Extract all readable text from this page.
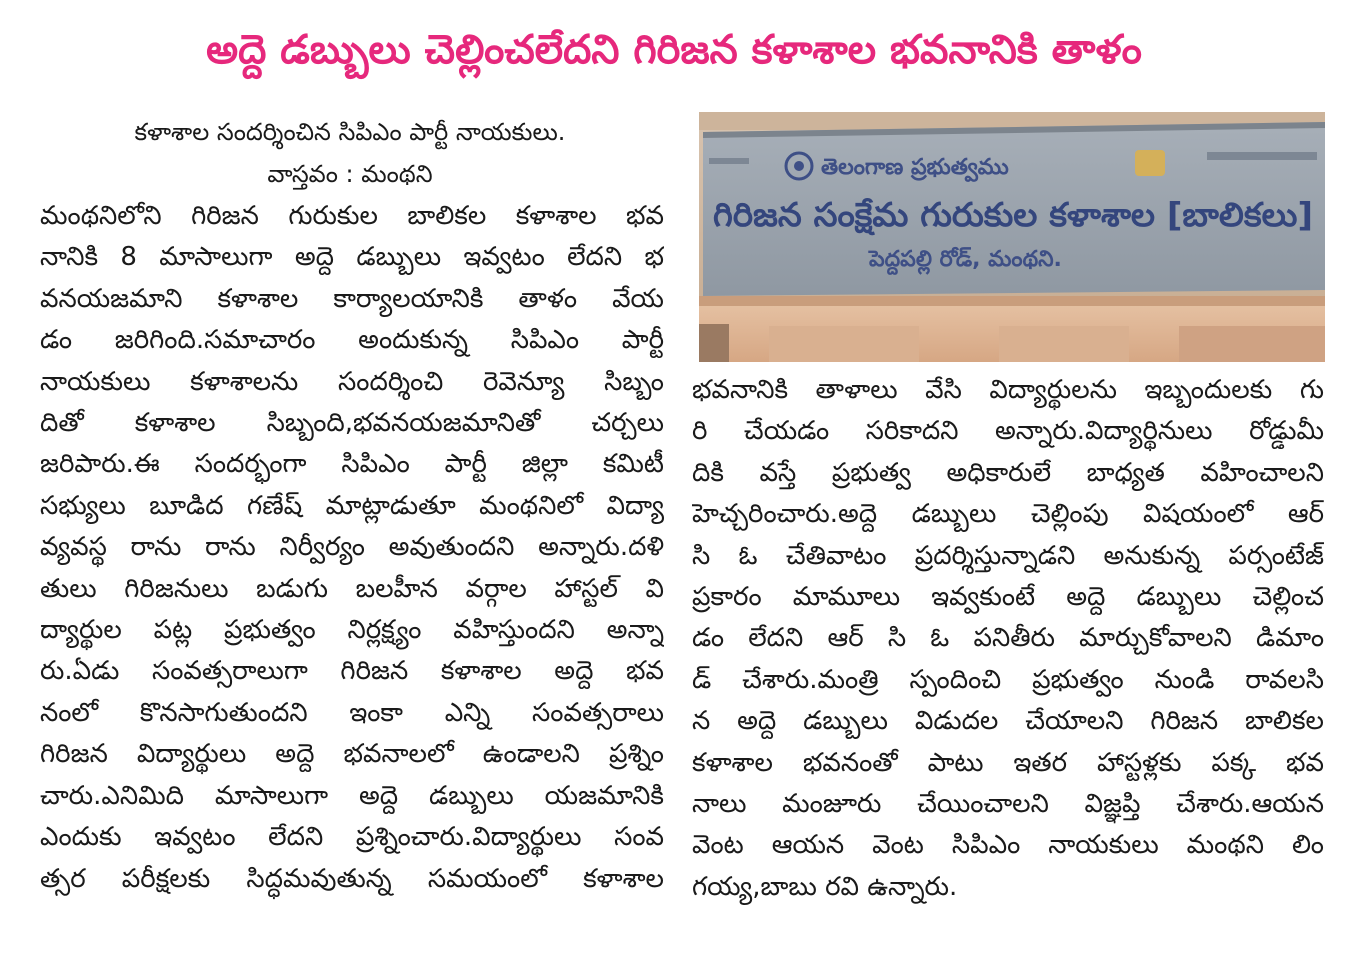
అద్దె డబ్బులు చెల్లించలేదని గిరిజన కళాశాల భవనానికి తాళం
కళాశాల సందర్శించిన సిపిఎం పార్టీ నాయకులు.
వాస్తవం : మంథని
మంథనిలోని గిరిజన గురుకుల బాలికల కళాశాల భవ
నానికి 8 మాసాలుగా అద్దె డబ్బులు ఇవ్వటం లేదని భ
వనయజమాని కళాశాల కార్యాలయానికి తాళం వేయ
డం జరిగింది.సమాచారం అందుకున్న సిపిఎం పార్టీ
నాయకులు కళాశాలను సందర్శించి రెవెన్యూ సిబ్బం
దితో కళాశాల సిబ్బంది,భవనయజమానితో చర్చలు
జరిపారు.ఈ సందర్భంగా సిపిఎం పార్టీ జిల్లా కమిటీ
సభ్యులు బూడిద గణేష్ మాట్లాడుతూ మంథనిలో విద్యా
వ్యవస్థ రాను రాను నిర్వీర్యం అవుతుందని అన్నారు.దళి
తులు గిరిజనులు బడుగు బలహీన వర్గాల హాస్టల్ వి
ద్యార్థుల పట్ల ప్రభుత్వం నిర్లక్ష్యం వహిస్తుందని అన్నా
రు.ఏడు సంవత్సరాలుగా గిరిజన కళాశాల అద్దె భవ
నంలో కొనసాగుతుందని ఇంకా ఎన్ని సంవత్సరాలు
గిరిజన విద్యార్థులు అద్దె భవనాలలో ఉండాలని ప్రశ్నిం
చారు.ఎనిమిది మాసాలుగా అద్దె డబ్బులు యజమానికి
ఎందుకు ఇవ్వటం లేదని ప్రశ్నించారు.విద్యార్థులు సంవ
త్సర పరీక్షలకు సిద్ధమవుతున్న సమయంలో కళాశాల
తెలంగాణ ప్రభుత్వము
గిరిజన సంక్షేమ గురుకుల కళాశాల [బాలికలు]
పెద్దపల్లి రోడ్, మంథని.
భవనానికి తాళాలు వేసి విద్యార్థులను ఇబ్బందులకు గు
రి చేయడం సరికాదని అన్నారు.విద్యార్థినులు రోడ్డుమీ
దికి వస్తే ప్రభుత్వ అధికారులే బాధ్యత వహించాలని
హెచ్చరించారు.అద్దె డబ్బులు చెల్లింపు విషయంలో ఆర్
సి ఓ చేతివాటం ప్రదర్శిస్తున్నాడని అనుకున్న పర్సంటేజ్
ప్రకారం మామూలు ఇవ్వకుంటే అద్దె డబ్బులు చెల్లించ
డం లేదని ఆర్ సి ఓ పనితీరు మార్చుకోవాలని డిమాం
డ్ చేశారు.మంత్రి స్పందించి ప్రభుత్వం నుండి రావలసి
న అద్దె డబ్బులు విడుదల చేయాలని గిరిజన బాలికల
కళాశాల భవనంతో పాటు ఇతర హాస్టళ్లకు పక్క భవ
నాలు మంజూరు చేయించాలని విజ్ఞప్తి చేశారు.ఆయన
వెంట ఆయన వెంట సిపిఎం నాయకులు మంథని లిం
గయ్య,బాబు రవి ఉన్నారు.
